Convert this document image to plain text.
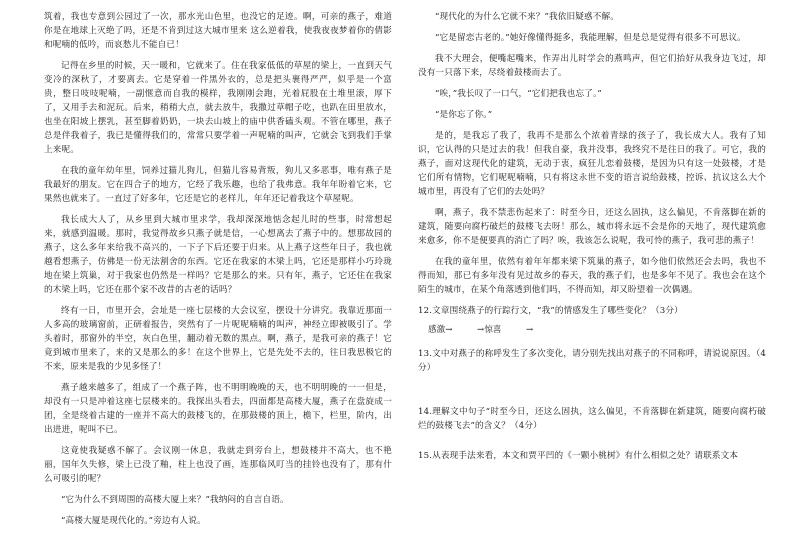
筑着，我也专意到公园过了一次，那水光山色里，也没它的足迹。啊，可亲的燕子，难道你是在地球上灭绝了吗，还是不肯到过这大城市里来 这么逆着我，使我夜夜梦着你的倩影和呢喃的低吟，而哀愁儿不能自已！

记得在乡里的时候，天一暖和，它就来了。住在我家低低的草屋的梁上，一直到天气变冷的深秋了，才要离去。它是穿着一件黑外衣的，总是把头裹得严严，似乎是一个富贵，整日吱吱呢喃，一副惬意而自我的模样，我刚刚会跑，光着屁股在土堆里滚，厚下了，又用手去和泥玩。后来，稍稍大点，就去放牛，我撒过草帽子吃，也趴在田里放水，也坐在阳坡上摆乳，甚至脚着奶奶，一块去山坡上的庙中供香磕头观。不管在哪里，燕子总是伴我着子，我已是懂得我们的，常常只要学着一声呢喃的叫声，它就会飞到我们手掌上来呢。

在我的童年幼年里，饲养过猫儿狗儿，但猫儿容易背叛，狗儿又多恶事，唯有燕子是我最好的朋友。它在四合子的地方，它经了我乐趣，也给了我弗意。我年年盼着它来，它果然也就来了。一直过了好多年，它还是它的老样儿，年年还记着我这个草屋呢。

我长成大人了，从乡里到大城市里求学，我却深深地惦念起儿时的些事，时常想起来，就感到温暖。那时，我觉得故乡只燕子就是信，一心想离去了燕子中的。想那故园的燕子，这么多年来给我不高兴的，一下子下后还要于归来。从上燕子这些年日子，我也就越看想燕子，仿佛是一份无法割舍的东西。它还在我家的木梁上吗，它还是那样小巧玲珑地在梁上筑巢，对于我家也仍然是一样吗？它是那么的来。只有年，燕子，它还住在我家的木梁上吗，它还在那个家不改昔的古老的话吗？

终有一日，市里开会，会址是一座七层楼的大会议室，摆设十分讲究。我靠近那面一人多高的玻璃窗前，正研着报告，突然有了一片呢呢喃喃的叫声，神经立即被吸引了。学头着时，那窗外的半空，灰白色里，翻动着无数的黑点。啊，燕子，是我可亲的燕子！它竟到城市里来了，来的又是那么的多！在这个世界上，它是先处不去的，往日我思极它的不来，原来是我的少见多怪了！

燕子越来越多了，组成了一个燕子阵，也不明明晚晚的天，也不明明晚的一一但是，却没有一只是冲着这座七层楼来的。我探出头看去，四面都是高楼大厦，燕子在盘旋成一团，全是绕着古建的一座并不高大的鼓楼飞的，在那鼓楼的顶上，檐下，栏里，阶内，出出进进，呢叫不已。

这竟使我疑惑不解了。会议刚一休息，我就走到旁台上，想鼓楼并不高大，也不艳丽，国年久失修，梁上已没了釉，柱上也没了画，连那临风叮当的挂铃也没有了，那有什么可吸引的呢？

“它为什么不到周围的高楼大厦上来？”我纳闷的自言自语。

“高楼大厦是现代化的。”旁边有人说。

“现代化的为什么它就不来？”我依旧疑惑不解。

“它是留恋古老的。”她好像懂得挺多，我能理解，但是总是觉得有很多不可思议。

我不大理会，便嘴起嘴来，作弄出儿时学会的燕鸣声，但它们抬好从我身边飞过，却没有一只落下来，尽绕着鼓楼而去了。

“唉，”我长叹了一口气，“它们把我也忘了。”

“是你忘了你。”

是的，是我忘了我了，我再不是那么个浓着青绿的孩子了，我长成大人。我有了知识，它认得的只是过去的我！但我自豪，我并没事，我终究不是往日的我了。可它，我的燕子，面对这现代化的建筑，无动于衷，疯狂儿恋着鼓楼，是因为只有这一处鼓楼，才是它们所有情物，它们呢呢喃喃，只有将这永世不变的语言说给鼓楼，控诉、抗议这么大个城市里，再没有了它们的去处吗？

啊，燕子，我不禁悲伤起来了：时至今日，还这么固执，这么偏见，不肯落脚在新的建筑，随要向腐朽破烂的鼓楼飞去呀！那么，城市将永远不会是你的天地了，现代建筑愈来愈多，你不是便要真的消亡了吗？唉，我该怎么说呢，我可怜的燕子，我可悲的燕子！

在我的童年里，依然有着年年都来梁下筑巢的燕子，如今他们依然还会去吗，我也不得而知，那已有多年没有见过故乡的春天，我的燕子们，也是多年不见了。我也会在这个陌生的城市，在某个角落透到他们吗，不得而知，却又盼望着一次偶遇。

12.文章围绕燕子的行踪行文，“我”的情感发生了哪些变化？（3分）

感激→	→惊喜	→

13.文中对燕子的称呼发生了多次变化，请分别先找出对燕子的不同称呼，请说说原因。（4分）

14.理解文中句子“时至今日，还这么固执，这么偏见，不肯落脚在新建筑，随要向腐朽破烂的鼓楼飞去”的含义？（4分）

15.从表现手法来看，本文和贾平凹的《一颗小桃树》有什么相似之处？请联系文本
